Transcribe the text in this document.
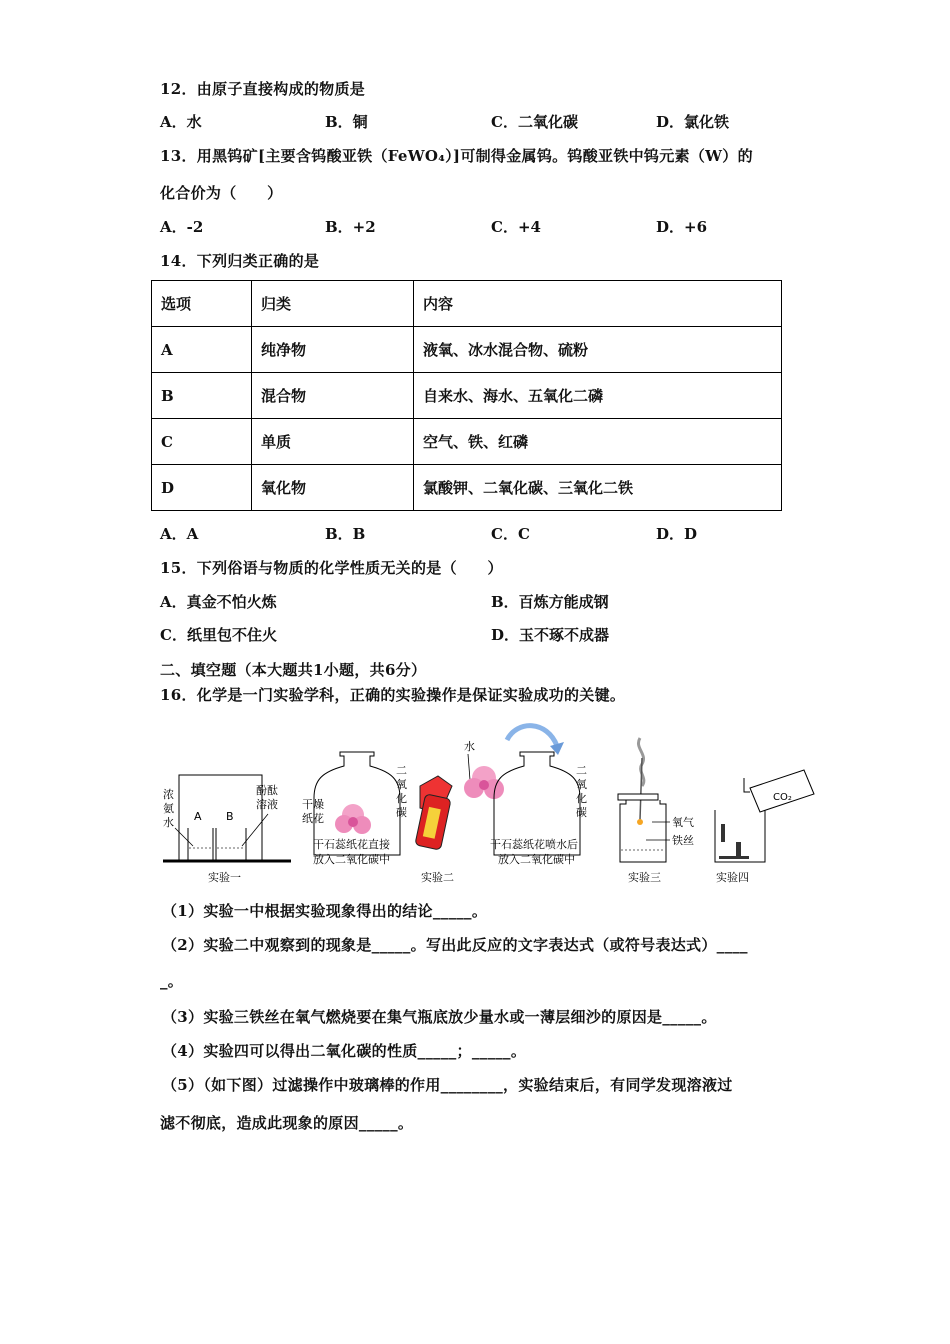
12．由原子直接构成的物质是
A．水	B．铜	C．二氧化碳	D．氯化铁
13．用黑钨矿[主要含钨酸亚铁（FeWO₄）]可制得金属钨。钨酸亚铁中钨元素（W）的
化合价为（　　）
A．-2	B．+2	C．+4	D．+6
14．下列归类正确的是
选项	归类	内容
A	纯净物	液氧、冰水混合物、硫粉
B	混合物	自来水、海水、五氧化二磷
C	单质	空气、铁、红磷
D	氧化物	氯酸钾、二氧化碳、三氧化二铁
A．A	B．B	C．C	D．D
15．下列俗语与物质的化学性质无关的是（　　）
A．真金不怕火炼	B．百炼方能成钢
C．纸里包不住火	D．玉不琢不成器
二、填空题（本大题共1小题，共6分）
16．化学是一门实验学科，正确的实验操作是保证实验成功的关键。
A B
浓氨水
酚酞溶液
实验一
二
氧
化
碳
干燥纸花
干石蕊纸花直接
放入二氧化碳中
水
二
氧
化
碳
干石蕊纸花喷水后
放入二氧化碳中
实验二
氧气
铁丝
实验三
CO₂
实验四
（1）实验一中根据实验现象得出的结论_____。
（2）实验二中观察到的现象是_____。写出此反应的文字表达式（或符号表达式）____
_。
（3）实验三铁丝在氧气燃烧要在集气瓶底放少量水或一薄层细沙的原因是_____。
（4）实验四可以得出二氧化碳的性质_____；_____。
（5）（如下图）过滤操作中玻璃棒的作用________，实验结束后，有同学发现溶液过
滤不彻底，造成此现象的原因_____。
